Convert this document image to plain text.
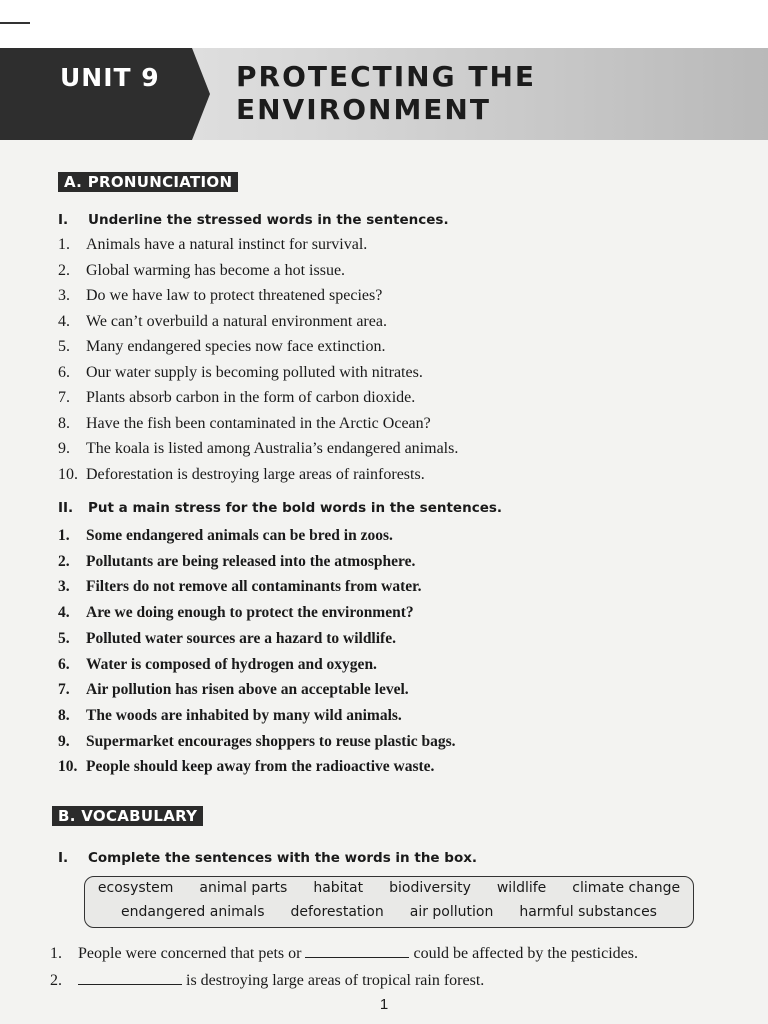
UNIT 9	PROTECTING THE
ENVIRONMENT
A. PRONUNCIATION
I. Underline the stressed words in the sentences.
1. Animals have a natural instinct for survival.
2. Global warming has become a hot issue.
3. Do we have law to protect threatened species?
4. We can’t overbuild a natural environment area.
5. Many endangered species now face extinction.
6. Our water supply is becoming polluted with nitrates.
7. Plants absorb carbon in the form of carbon dioxide.
8. Have the fish been contaminated in the Arctic Ocean?
9. The koala is listed among Australia’s endangered animals.
10. Deforestation is destroying large areas of rainforests.
II. Put a main stress for the bold words in the sentences.
1. Some endangered animals can be bred in zoos.
2. Pollutants are being released into the atmosphere.
3. Filters do not remove all contaminants from water.
4. Are we doing enough to protect the environment?
5. Polluted water sources are a hazard to wildlife.
6. Water is composed of hydrogen and oxygen.
7. Air pollution has risen above an acceptable level.
8. The woods are inhabited by many wild animals.
9. Supermarket encourages shoppers to reuse plastic bags.
10. People should keep away from the radioactive waste.
B. VOCABULARY
I. Complete the sentences with the words in the box.
ecosystem animal parts habitat biodiversity wildlife climate change
endangered animals deforestation air pollution harmful substances
1. People were concerned that pets or	could be affected by the pesticides.
2.	is destroying large areas of tropical rain forest.
1
